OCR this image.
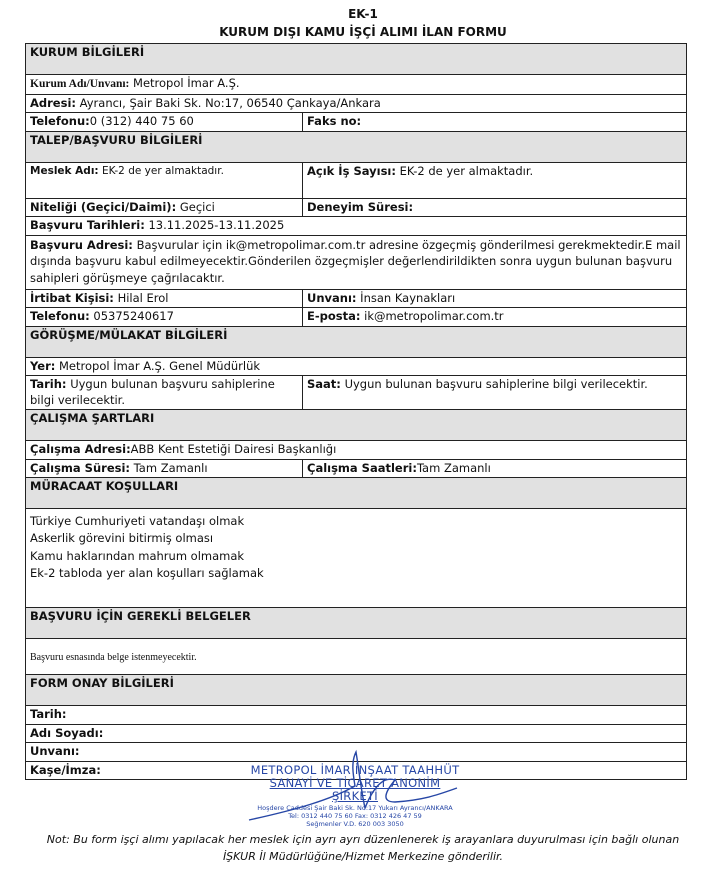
EK-1
KURUM DIŞI KAMU İŞÇİ ALIMI İLAN FORMU
KURUM BİLGİLERİ	
Kurum Adı/Unvanı: Metropol İmar A.Ş.	
Adresi: Ayrancı, Şair Baki Sk. No:17, 06540 Çankaya/Ankara	
Telefonu:0 (312) 440 75 60	Faks no:
TALEP/BAŞVURU BİLGİLERİ	
Meslek Adı: EK-2 de yer almaktadır.	Açık İş Sayısı: EK-2 de yer almaktadır.
Niteliği (Geçici/Daimi): Geçici	Deneyim Süresi:
Başvuru Tarihleri: 13.11.2025-13.11.2025	
Başvuru Adresi: Başvurular için ik@metropolimar.com.tr adresine özgeçmiş gönderilmesi gerekmektedir.E mail dışında başvuru kabul edilmeyecektir.Gönderilen özgeçmişler değerlendirildikten sonra uygun bulunan başvuru sahipleri görüşmeye çağrılacaktır.	
İrtibat Kişisi: Hilal Erol	Unvanı: İnsan Kaynakları
Telefonu: 05375240617	E-posta: ik@metropolimar.com.tr
GÖRÜŞME/MÜLAKAT BİLGİLERİ	
Yer: Metropol İmar A.Ş. Genel Müdürlük	
Tarih: Uygun bulunan başvuru sahiplerine bilgi verilecektir.	Saat: Uygun bulunan başvuru sahiplerine bilgi verilecektir.
ÇALIŞMA ŞARTLARI	
Çalışma Adresi:ABB Kent Estetiği Dairesi Başkanlığı	
Çalışma Süresi: Tam Zamanlı	Çalışma Saatleri:Tam Zamanlı
MÜRACAAT KOŞULLARI	

Türkiye Cumhuriyeti vatandaşı olmak
Askerlik görevini bitirmiş olması
Kamu haklarından mahrum olmamak
Ek-2 tabloda yer alan koşulları sağlamak	

BAŞVURU İÇİN GEREKLİ BELGELER	
Başvuru esnasında belge istenmeyecektir.	
FORM ONAY BİLGİLERİ	
Tarih:	
Adı Soyadı:	
Unvanı:	
Kaşe/İmza:		METROPOL İMAR İNŞAAT TAAHHÜT
SANAYİ VE TİCARET ANONİM ŞİRKETİ
Hoşdere Caddesi Şair Baki Sk. No:17 Yukarı Ayrancı/ANKARA
Tel: 0312 440 75 60 Fax: 0312 426 47 59
Seğmenler V.D. 620 003 3050
Not: Bu form işçi alımı yapılacak her meslek için ayrı ayrı düzenlenerek iş arayanlara duyurulması için bağlı olunan
İŞKUR İl Müdürlüğüne/Hizmet Merkezine gönderilir.
